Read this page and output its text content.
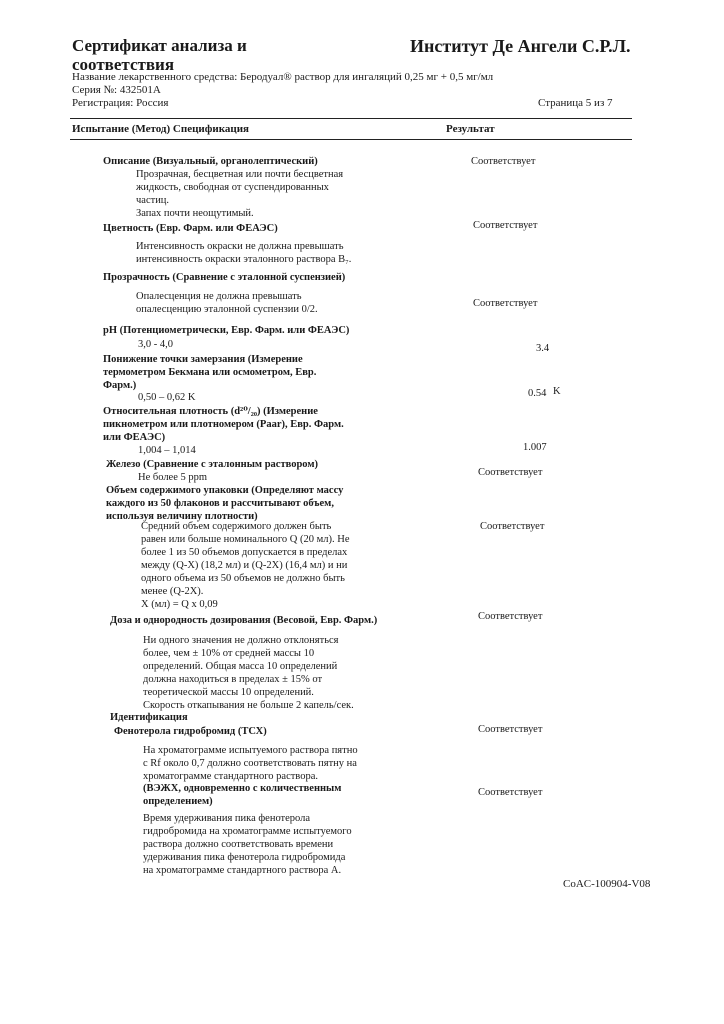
Сертификат анализа и соответствия
Институт Де Ангели С.Р.Л.
Название лекарственного средства: Беродуал® раствор для ингаляций 0,25 мг + 0,5 мг/мл
Серия №: 432501А
Регистрация: Россия	Страница 5 из 7
Испытание (Метод) Спецификация	Результат
Описание (Визуальный, органолептический)
Прозрачная, бесцветная или почти бесцветная
жидкость, свободная от суспендированных
частиц.
Запах почти неощутимый.
Соответствует
Цветность (Евр. Фарм. или ФЕАЭС)
Интенсивность окраски не должна превышать
интенсивность окраски эталонного раствора B₇.
Соответствует
Прозрачность (Сравнение с эталонной суспензией)
Опалесценция не должна превышать
опалесценцию эталонной суспензии 0/2.
Соответствует
pH (Потенциометрически, Евр. Фарм. или ФЕАЭС)
3,0 - 4,0	3.4
Понижение точки замерзания (Измерение
термометром Бекмана или осмометром, Евр.
Фарм.)
0,50 – 0,62 K	0.54 K
Относительная плотность (d²⁰/₂₀) (Измерение
пикнометром или плотномером (Paar), Евр. Фарм.
или ФЕАЭС)
1,004 – 1,014	1.007
Железо (Сравнение с эталонным раствором)
Не более 5 ppm	Соответствует
Объем содержимого упаковки (Определяют массу
каждого из 50 флаконов и рассчитывают объем,
используя величину плотности)
Средний объем содержимого должен быть
равен или больше номинального Q (20 мл). Не
более 1 из 50 объемов допускается в пределах
между (Q-X) (18,2 мл) и (Q-2X) (16,4 мл) и ни
одного объема из 50 объемов не должно быть
менее (Q-2X).
X (мл) = Q x 0,09
Соответствует
Доза и однородность дозирования (Весовой, Евр. Фарм.)
Ни одного значения не должно отклоняться
более, чем ± 10% от средней массы 10
определений. Общая масса 10 определений
должна находиться в пределах ± 15% от
теоретической массы 10 определений.
Скорость откапывания не больше 2 капель/сек.
Соответствует
Идентификация
Фенотерола гидробромид (ТСХ)
На хроматограмме испытуемого раствора пятно
с Rf около 0,7 должно соответствовать пятну на
хроматограмме стандартного раствора.
Соответствует
(ВЭЖХ, одновременно с количественным
определением)
Время удерживания пика фенотерола
гидробромида на хроматограмме испытуемого
раствора должно соответствовать времени
удерживания пика фенотерола гидробромида
на хроматограмме стандартного раствора А.
Соответствует
CoAC-100904-V08
